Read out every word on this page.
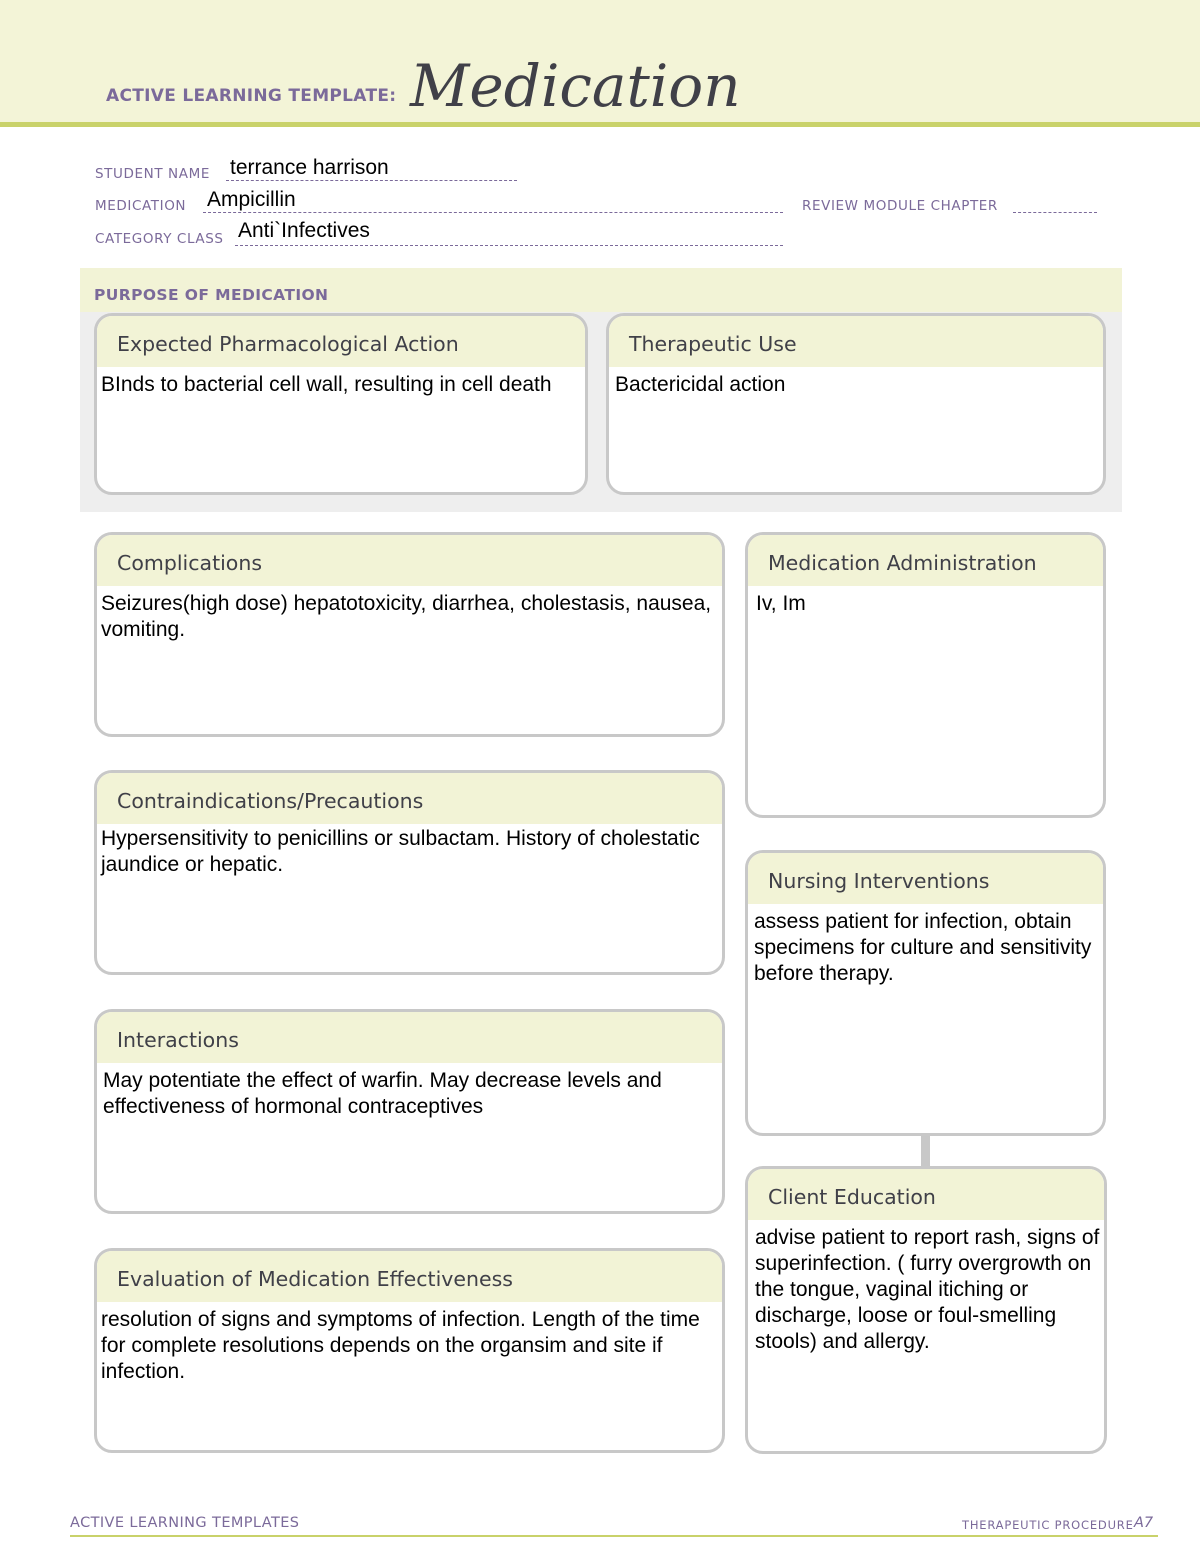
ACTIVE LEARNING TEMPLATE: Medication
STUDENT NAME terrance harrison
MEDICATION Ampicillin	REVIEW MODULE CHAPTER
CATEGORY CLASS Anti`Infectives
PURPOSE OF MEDICATION
Expected Pharmacological Action
BInds to bacterial cell wall, resulting in cell death
Therapeutic Use
Bactericidal action
Complications
Seizures(high dose) hepatotoxicity, diarrhea, cholestasis, nausea, vomiting.
Contraindications/Precautions
Hypersensitivity to penicillins or sulbactam. History of cholestatic jaundice or hepatic.
Interactions
May potentiate the effect of warfin. May decrease levels and effectiveness of hormonal contraceptives
Evaluation of Medication Effectiveness
resolution of signs and symptoms of infection. Length of the time for complete resolutions depends on the organsim and site if infection.
Medication Administration
Iv, Im
Nursing Interventions
assess patient for infection, obtain specimens for culture and sensitivity before therapy.
Client Education
advise patient to report rash, signs of superinfection. ( furry overgrowth on the tongue, vaginal itiching or discharge, loose or foul-smelling stools) and allergy.
ACTIVE LEARNING TEMPLATES	THERAPEUTIC PROCEDURE A7
